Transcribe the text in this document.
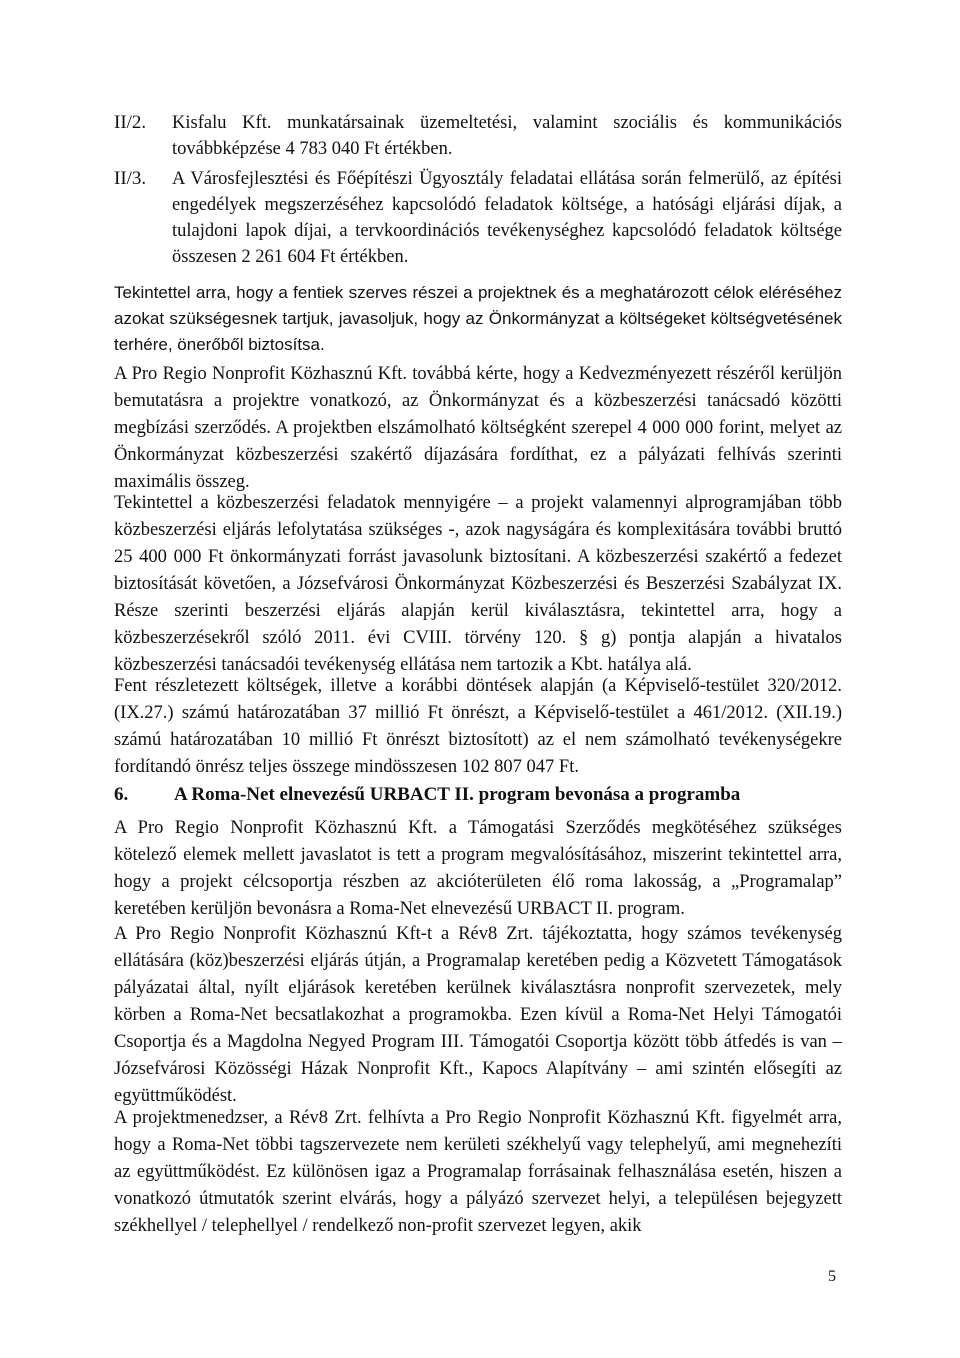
II/2. Kisfalu Kft. munkatársainak üzemeltetési, valamint szociális és kommunikációs továbbképzése 4 783 040 Ft értékben.
II/3. A Városfejlesztési és Főépítészi Ügyosztály feladatai ellátása során felmerülő, az építési engedélyek megszerzéséhez kapcsolódó feladatok költsége, a hatósági eljárási díjak, a tulajdoni lapok díjai, a tervkoordinációs tevékenységhez kapcsolódó feladatok költsége összesen 2 261 604 Ft értékben.

Tekintettel arra, hogy a fentiek szerves részei a projektnek és a meghatározott célok eléréséhez azokat szükségesnek tartjuk, javasoljuk, hogy az Önkormányzat a költségeket költségvetésének terhére, önerőből biztosítsa.

A Pro Regio Nonprofit Közhasznú Kft. továbbá kérte, hogy a Kedvezményezett részéről kerüljön bemutatásra a projektre vonatkozó, az Önkormányzat és a közbeszerzési tanácsadó közötti megbízási szerződés. A projektben elszámolható költségként szerepel 4 000 000 forint, melyet az Önkormányzat közbeszerzési szakértő díjazására fordíthat, ez a pályázati felhívás szerinti maximális összeg.

Tekintettel a közbeszerzési feladatok mennyigére – a projekt valamennyi alprogramjában több közbeszerzési eljárás lefolytatása szükséges -, azok nagyságára és komplexitására további bruttó 25 400 000 Ft önkormányzati forrást javasolunk biztosítani. A közbeszerzési szakértő a fedezet biztosítását követően, a Józsefvárosi Önkormányzat Közbeszerzési és Beszerzési Szabályzat IX. Része szerinti beszerzési eljárás alapján kerül kiválasztásra, tekintettel arra, hogy a közbeszerzésekről szóló 2011. évi CVIII. törvény 120. § g) pontja alapján a hivatalos közbeszerzési tanácsadói tevékenység ellátása nem tartozik a Kbt. hatálya alá.

Fent részletezett költségek, illetve a korábbi döntések alapján (a Képviselő-testület 320/2012. (IX.27.) számú határozatában 37 millió Ft önrészt, a Képviselő-testület a 461/2012. (XII.19.) számú határozatában 10 millió Ft önrészt biztosított) az el nem számolható tevékenységekre fordítandó önrész teljes összege mindösszesen 102 807 047 Ft.

6. A Roma-Net elnevezésű URBACT II. program bevonása a programba

A Pro Regio Nonprofit Közhasznú Kft. a Támogatási Szerződés megkötéséhez szükséges kötelező elemek mellett javaslatot is tett a program megvalósításához, miszerint tekintettel arra, hogy a projekt célcsoportja részben az akcióterületen élő roma lakosság, a „Programalap” keretében kerüljön bevonásra a Roma-Net elnevezésű URBACT II. program.

A Pro Regio Nonprofit Közhasznú Kft-t a Rév8 Zrt. tájékoztatta, hogy számos tevékenység ellátására (köz)beszerzési eljárás útján, a Programalap keretében pedig a Közvetett Támogatások pályázatai által, nyílt eljárások keretében kerülnek kiválasztásra nonprofit szervezetek, mely körben a Roma-Net becsatlakozhat a programokba. Ezen kívül a Roma-Net Helyi Támogatói Csoportja és a Magdolna Negyed Program III. Támogatói Csoportja között több átfedés is van – Józsefvárosi Közösségi Házak Nonprofit Kft., Kapocs Alapítvány – ami szintén elősegíti az együttműködést.

A projektmenedzser, a Rév8 Zrt. felhívta a Pro Regio Nonprofit Közhasznú Kft. figyelmét arra, hogy a Roma-Net többi tagszervezete nem kerületi székhelyű vagy telephelyű, ami megnehezíti az együttműködést. Ez különösen igaz a Programalap forrásainak felhasználása esetén, hiszen a vonatkozó útmutatók szerint elvárás, hogy a pályázó szervezet helyi, a településen bejegyzett székhellyel / telephellyel / rendelkező non-profit szervezet legyen, akik

5
